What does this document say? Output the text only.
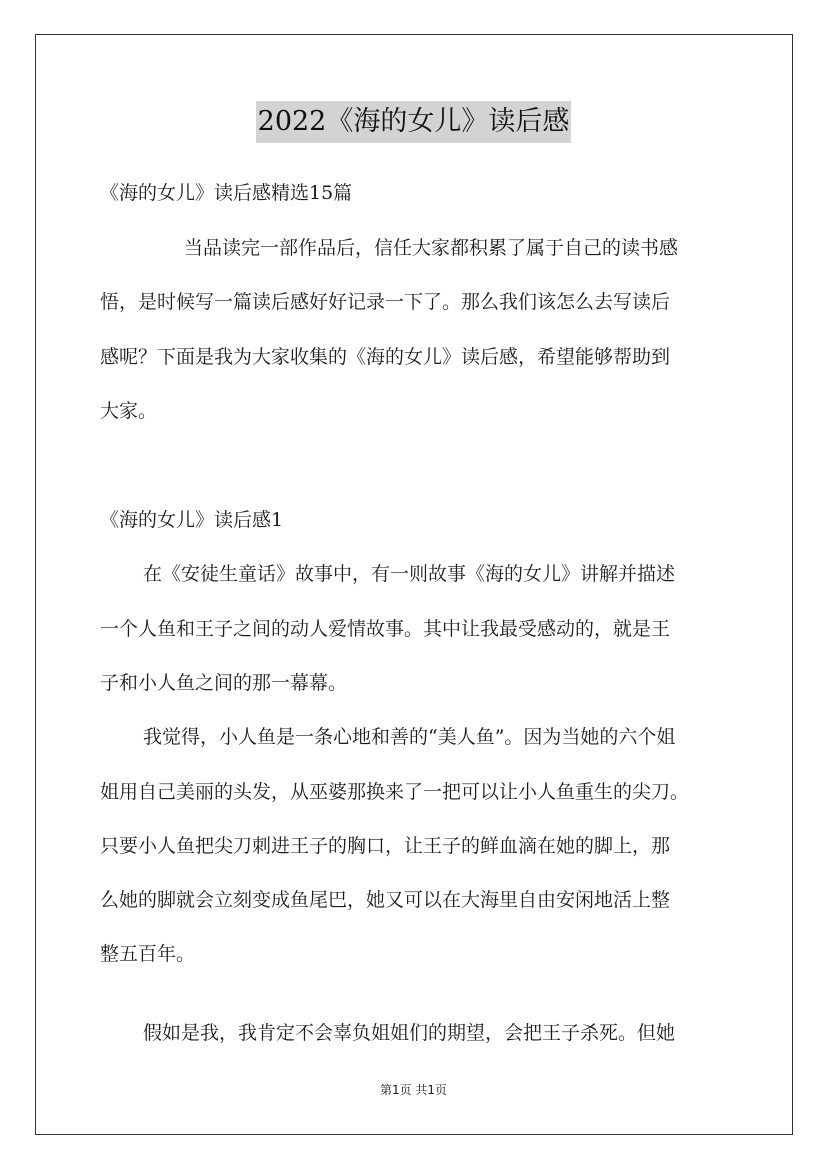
2022《海的女儿》读后感
《海的女儿》读后感精选15篇
当品读完一部作品后，信任大家都积累了属于自己的读书感
悟，是时候写一篇读后感好好记录一下了。那么我们该怎么去写读后
感呢？下面是我为大家收集的《海的女儿》读后感，希望能够帮助到
大家。
《海的女儿》读后感1
在《安徒生童话》故事中，有一则故事《海的女儿》讲解并描述
一个人鱼和王子之间的动人爱情故事。其中让我最受感动的，就是王
子和小人鱼之间的那一幕幕。
我觉得，小人鱼是一条心地和善的“美人鱼”。因为当她的六个姐
姐用自己美丽的头发，从巫婆那换来了一把可以让小人鱼重生的尖刀。
只要小人鱼把尖刀刺进王子的胸口，让王子的鲜血滴在她的脚上，那
么她的脚就会立刻变成鱼尾巴，她又可以在大海里自由安闲地活上整
整五百年。
假如是我，我肯定不会辜负姐姐们的期望，会把王子杀死。但她
第1页 共1页
